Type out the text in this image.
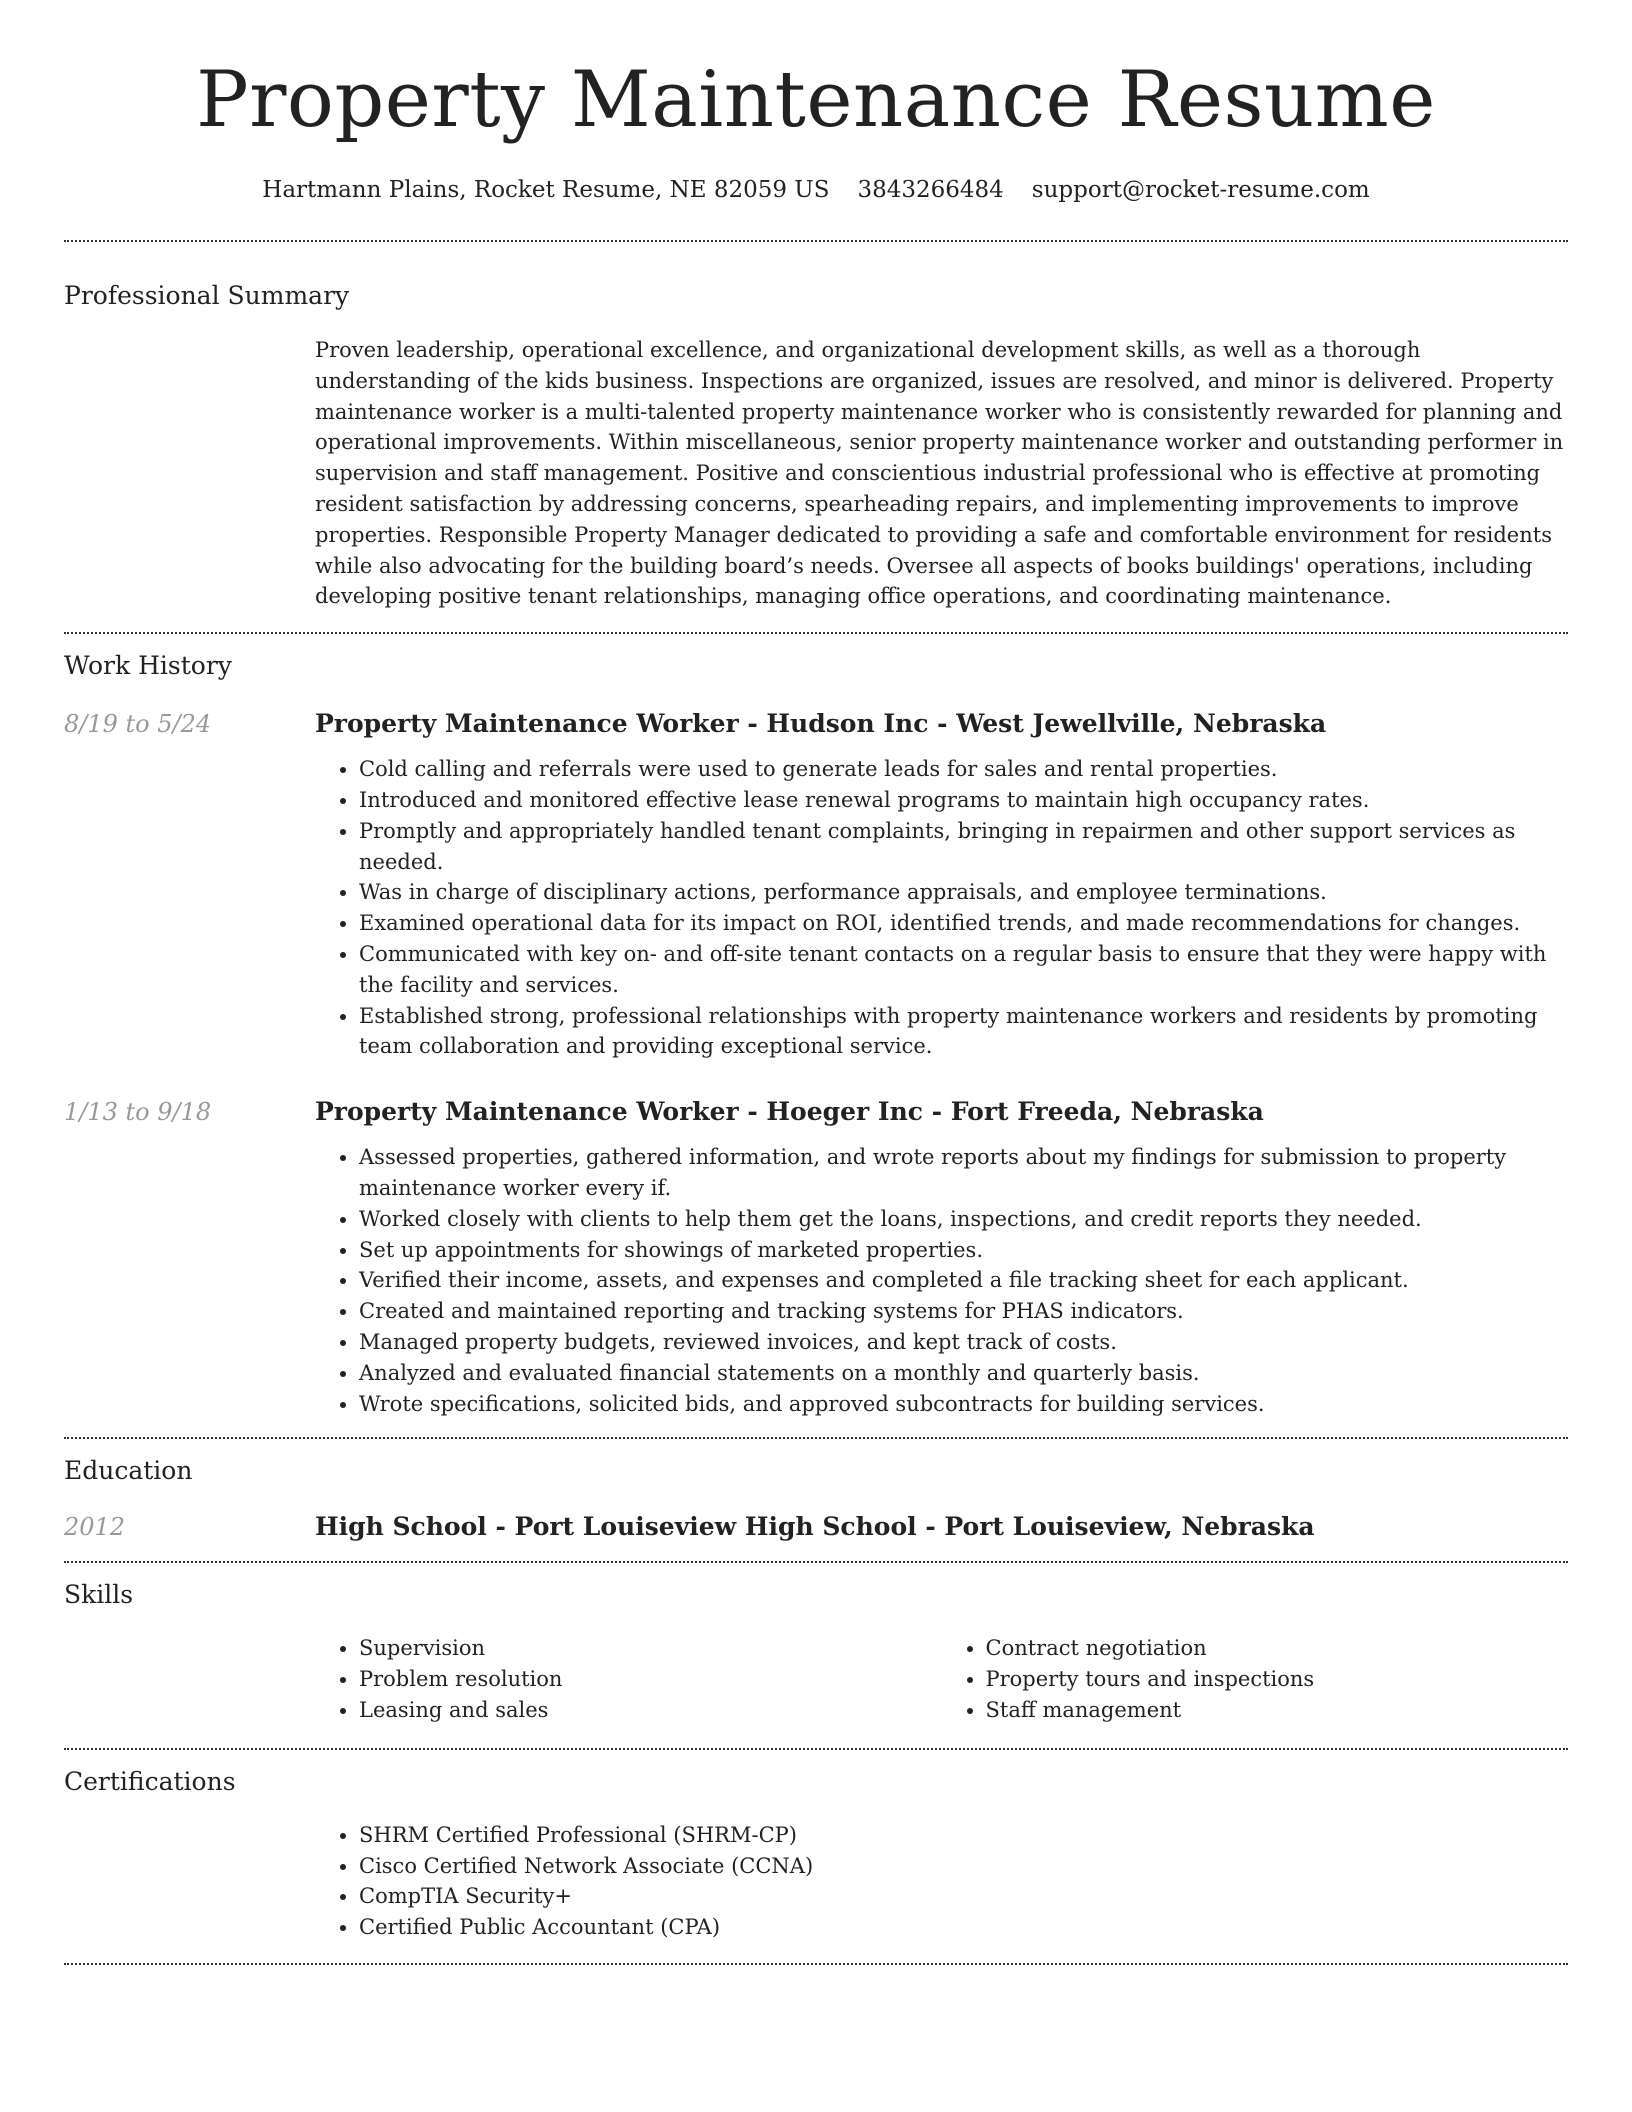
Property Maintenance Resume
Hartmann Plains, Rocket Resume, NE 82059 US 3843266484 support@rocket-resume.com
Professional Summary

Proven leadership, operational excellence, and organizational development skills, as well as a thorough understanding of the kids business. Inspections are organized, issues are resolved, and minor is delivered. Property maintenance worker is a multi-talented property maintenance worker who is consistently rewarded for planning and operational improvements. Within miscellaneous, senior property maintenance worker and outstanding performer in supervision and staff management. Positive and conscientious industrial professional who is effective at promoting resident satisfaction by addressing concerns, spearheading repairs, and implementing improvements to improve properties. Responsible Property Manager dedicated to providing a safe and comfortable environment for residents while also advocating for the building board’s needs. Oversee all aspects of books buildings' operations, including developing positive tenant relationships, managing office operations, and coordinating maintenance.

Work History
8/19 to 5/24	Property Maintenance Worker - Hudson Inc - West Jewellville, Nebraska
• Cold calling and referrals were used to generate leads for sales and rental properties.
• Introduced and monitored effective lease renewal programs to maintain high occupancy rates.
• Promptly and appropriately handled tenant complaints, bringing in repairmen and other support services as needed.
• Was in charge of disciplinary actions, performance appraisals, and employee terminations.
• Examined operational data for its impact on ROI, identified trends, and made recommendations for changes.
• Communicated with key on- and off-site tenant contacts on a regular basis to ensure that they were happy with the facility and services.
• Established strong, professional relationships with property maintenance workers and residents by promoting team collaboration and providing exceptional service.
1/13 to 9/18	Property Maintenance Worker - Hoeger Inc - Fort Freeda, Nebraska
• Assessed properties, gathered information, and wrote reports about my findings for submission to property maintenance worker every if.
• Worked closely with clients to help them get the loans, inspections, and credit reports they needed.
• Set up appointments for showings of marketed properties.
• Verified their income, assets, and expenses and completed a file tracking sheet for each applicant.
• Created and maintained reporting and tracking systems for PHAS indicators.
• Managed property budgets, reviewed invoices, and kept track of costs.
• Analyzed and evaluated financial statements on a monthly and quarterly basis.
• Wrote specifications, solicited bids, and approved subcontracts for building services.
Education
2012	High School - Port Louiseview High School - Port Louiseview, Nebraska
Skills
• Supervision
• Problem resolution
• Leasing and sales
• Contract negotiation
• Property tours and inspections
• Staff management
Certifications
• SHRM Certified Professional (SHRM-CP)
• Cisco Certified Network Associate (CCNA)
• CompTIA Security+
• Certified Public Accountant (CPA)
